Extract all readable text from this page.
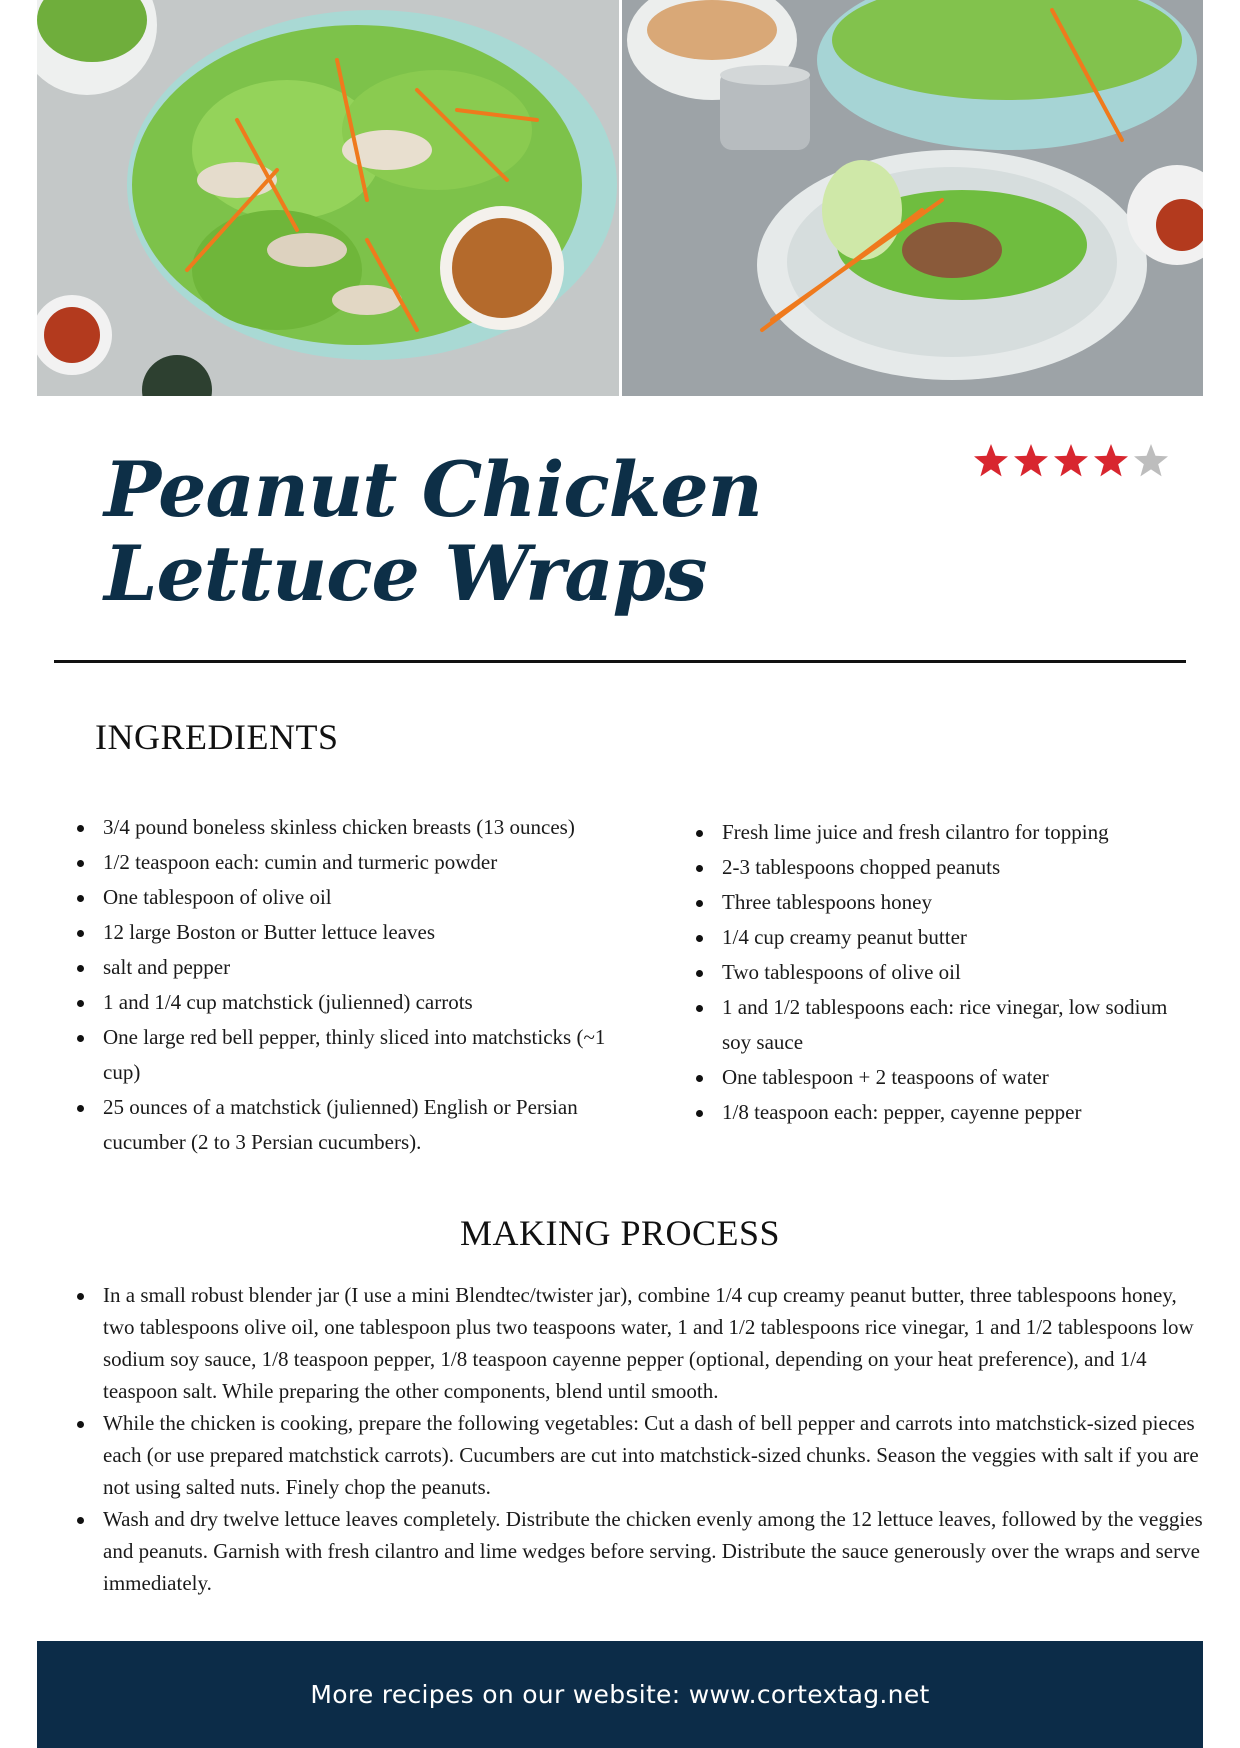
Peanut Chicken Lettuce Wraps
INGREDIENTS
3/4 pound boneless skinless chicken breasts (13 ounces)
1/2 teaspoon each: cumin and turmeric powder
One tablespoon of olive oil
12 large Boston or Butter lettuce leaves
salt and pepper
1 and 1/4 cup matchstick (julienned) carrots
One large red bell pepper, thinly sliced into matchsticks (~1 cup)
25 ounces of a matchstick (julienned) English or Persian cucumber (2 to 3 Persian cucumbers).
Fresh lime juice and fresh cilantro for topping
2-3 tablespoons chopped peanuts
Three tablespoons honey
1/4 cup creamy peanut butter
Two tablespoons of olive oil
1 and 1/2 tablespoons each: rice vinegar, low sodium soy sauce
One tablespoon + 2 teaspoons of water
1/8 teaspoon each: pepper, cayenne pepper
MAKING PROCESS
In a small robust blender jar (I use a mini Blendtec/twister jar), combine 1/4 cup creamy peanut butter, three tablespoons honey, two tablespoons olive oil, one tablespoon plus two teaspoons water, 1 and 1/2 tablespoons rice vinegar, 1 and 1/2 tablespoons low sodium soy sauce, 1/8 teaspoon pepper, 1/8 teaspoon cayenne pepper (optional, depending on your heat preference), and 1/4 teaspoon salt. While preparing the other components, blend until smooth.
While the chicken is cooking, prepare the following vegetables: Cut a dash of bell pepper and carrots into matchstick-sized pieces each (or use prepared matchstick carrots). Cucumbers are cut into matchstick-sized chunks. Season the veggies with salt if you are not using salted nuts. Finely chop the peanuts.
Wash and dry twelve lettuce leaves completely. Distribute the chicken evenly among the 12 lettuce leaves, followed by the veggies and peanuts. Garnish with fresh cilantro and lime wedges before serving. Distribute the sauce generously over the wraps and serve immediately.
More recipes on our website: www.cortextag.net
